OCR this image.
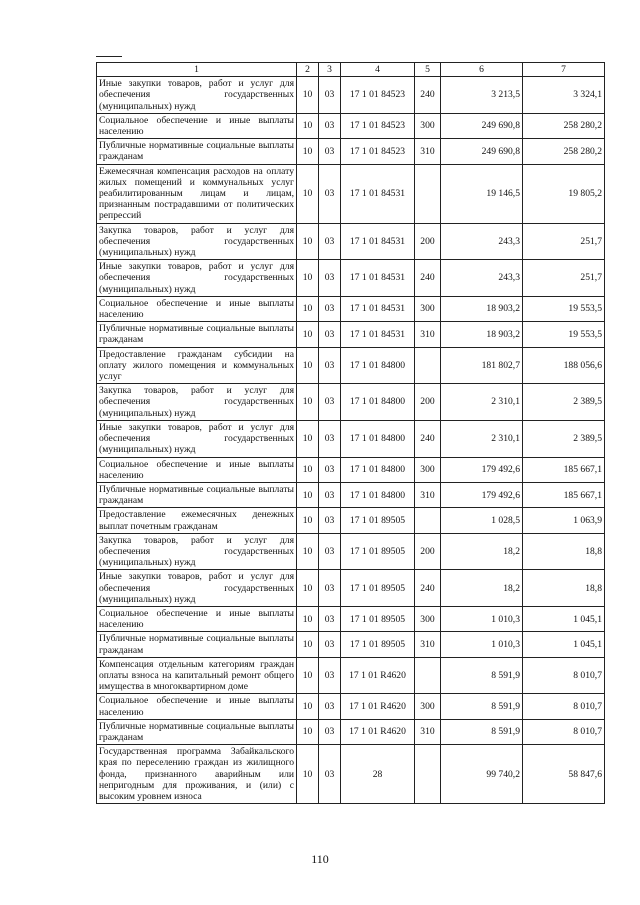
1	2	3	4	5	6	7
Иные закупки товаров, работ и услуг для обеспечения государственных (муниципальных) нужд	10	03	17 1 01 84523	240	3 213,5	3 324,1
Социальное обеспечение и иные выплаты населению	10	03	17 1 01 84523	300	249 690,8	258 280,2
Публичные нормативные социальные выплаты гражданам	10	03	17 1 01 84523	310	249 690,8	258 280,2
Ежемесячная компенсация расходов на оплату жилых помещений и коммунальных услуг реабилитированным лицам и лицам, признанным пострадавшими от политических репрессий	10	03	17 1 01 84531		19 146,5	19 805,2
Закупка товаров, работ и услуг для обеспечения государственных (муниципальных) нужд	10	03	17 1 01 84531	200	243,3	251,7
Иные закупки товаров, работ и услуг для обеспечения государственных (муниципальных) нужд	10	03	17 1 01 84531	240	243,3	251,7
Социальное обеспечение и иные выплаты населению	10	03	17 1 01 84531	300	18 903,2	19 553,5
Публичные нормативные социальные выплаты гражданам	10	03	17 1 01 84531	310	18 903,2	19 553,5
Предоставление гражданам субсидии на оплату жилого помещения и коммунальных услуг	10	03	17 1 01 84800		181 802,7	188 056,6
Закупка товаров, работ и услуг для обеспечения государственных (муниципальных) нужд	10	03	17 1 01 84800	200	2 310,1	2 389,5
Иные закупки товаров, работ и услуг для обеспечения государственных (муниципальных) нужд	10	03	17 1 01 84800	240	2 310,1	2 389,5
Социальное обеспечение и иные выплаты населению	10	03	17 1 01 84800	300	179 492,6	185 667,1
Публичные нормативные социальные выплаты гражданам	10	03	17 1 01 84800	310	179 492,6	185 667,1
Предоставление ежемесячных денежных выплат почетным гражданам	10	03	17 1 01 89505		1 028,5	1 063,9
Закупка товаров, работ и услуг для обеспечения государственных (муниципальных) нужд	10	03	17 1 01 89505	200	18,2	18,8
Иные закупки товаров, работ и услуг для обеспечения государственных (муниципальных) нужд	10	03	17 1 01 89505	240	18,2	18,8
Социальное обеспечение и иные выплаты населению	10	03	17 1 01 89505	300	1 010,3	1 045,1
Публичные нормативные социальные выплаты гражданам	10	03	17 1 01 89505	310	1 010,3	1 045,1
Компенсация отдельным категориям граждан оплаты взноса на капитальный ремонт общего имущества в многоквартирном доме	10	03	17 1 01 R4620		8 591,9	8 010,7
Социальное обеспечение и иные выплаты населению	10	03	17 1 01 R4620	300	8 591,9	8 010,7
Публичные нормативные социальные выплаты гражданам	10	03	17 1 01 R4620	310	8 591,9	8 010,7
Государственная программа Забайкальского края по переселению граждан из жилищного фонда, признанного аварийным или непригодным для проживания, и (или) с высоким уровнем износа	10	03	28		99 740,2	58 847,6
110
